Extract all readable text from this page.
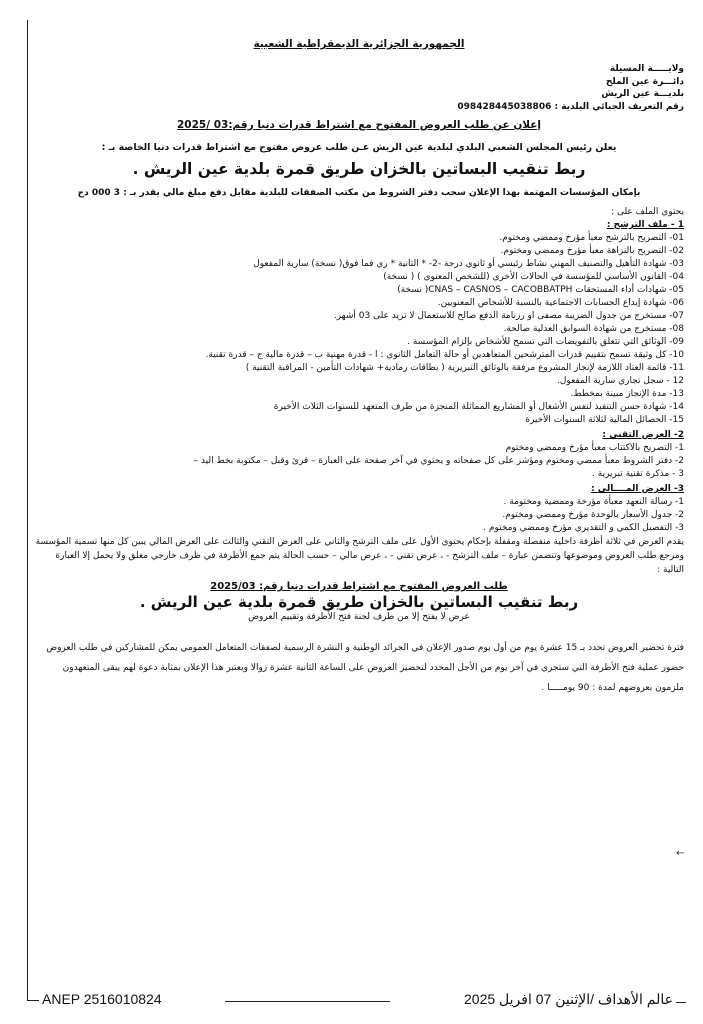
←
الجمهورية الجزائرية الديمقراطية الشعبية
ولايـــــة المسيلة
دائـــرة عين الملح
بلديـــة عين الريش
رقم التعريف الجبائي البلدية : 098428445038806
إعلان عن طلب العروض المفتوح مع اشتراط قدرات دنيا رقم:03 /2025
يعلن رئيس المجلس الشعبي البلدي لبلدية عين الريش عـن طلب عروض مفتوح مع اشتراط قدرات دنيا الخاصة بـ :
ربط تنقيب البساتين بالخزان طريق قمرة بلدية عين الريش .
بإمكان المؤسسات المهتمة بهذا الإعلان سحب دفتر الشروط من مكتب الصفقات للبلدية مقابل دفع مبلغ مالي يقدر بـ : 3 000 دج
يحتوي الملف على :
1 - ملف الترشح :
01- التصريح بالترشح معبأ مؤرخ وممضي ومختوم.
02- التصريح بالنزاهة معبأ مؤرخ وممضي ومختوم.
03- شهادة التأهيل والتصنيف المهني نشاط رئيسي أو ثانوي درجة -2- * الثانية * ري فما فوق( نسخة) سارية المفعول
04- القانون الأساسي للمؤسسة في الحالات الأخرى (للشخص المعنوي ) ( نسخة)
05- شهادات أداء المستحقات CNAS – CASNOS – CACOBBATPH( نسخة)
06- شهادة إيداع الحسابات الاجتماعية بالنسبة للأشخاص المعنويين.
07- مستخرج من جدول الضريبة مصفى او رزنامة الدفع صالح للاستعمال لا تزيد على 03 أشهر.
08- مستخرج من شهادة السوابق العدلية صالحة.
09- الوثائق التي تتعلق بالتفويضات التي تسمح للأشخاص بإلزام المؤسسة .
10- كل وثيقة تسمح بتقييم قدرات المترشحين المتعاهدين أو حالة التعامل الثانوي : ا - قدرة مهنية ب – قدرة مالية ج – قدرة تقنية.
11- قائمة العتاد اللازمة لإنجاز المشروع مرفقة بالوثائق التبريرية ( بطاقات رمادية+ شهادات التأمين - المراقبة التقنية )
12 - سجل تجاري سارية المفعول.
13- مدة الإنجاز مبينة بمخطط.
14- شهادة حسن التنفيذ لنفس الأشغال أو المشاريع المماثلة المنجزة من طرف المتعهد للسنوات الثلاث الأخيرة
15- الحصائل المالية لثلاثة السنوات الأخيرة
2- العرض التقني :
1- التصريح بالاكتتاب معبأ مؤرخ وممضي ومختوم
2- دفتر الشروط معبأ ممضي ومختوم ومؤشر على كل صفحاته و يحتوي في آخر صفحة على العبارة – قرئ وقبل – مكتوبة بخط اليد –
3 - مذكرة تقنية تبريرية .
3- العرض المــــالي :
1- رسالة التعهد معبأة مؤرخة وممضية ومختومة .
2- جدول الأسعار بالوحدة مؤرخ وممضي ومختوم.
3- التفصيل الكمي و التقديري مؤرخ وممضي ومختوم .
يقدم العرض في ثلاثة أظرفة داخلية منفصلة ومقفلة بإحكام يحتوي الأول على ملف الترشح والثاني على العرض التقني والثالث على العرض المالي يبين كل منها تسمية المؤسسة ومرجع طلب العروض وموضوعها وتتضمن عبارة – ملف الترشح - ، عرض تقني - ، عرض مالي – حسب الحالة يتم جمع الأظرفة في ظرف خارجي مغلق ولا يحمل إلا العبارة التالية :
طلب العروض المفتوح مع اشتراط قدرات دنيا رقم: 2025/03
ربط تنقيب البساتين بالخزان طريق قمرة بلدية عين الريش .
عرض لا يفتح إلا من طرف لجنة فتح الأظرفة وتقييم العروض
فترة تحضير العروض تحدد بـ 15 عشرة يوم من أول يوم صدور الإعلان في الجرائد الوطنية و النشرة الرسمية لصفقات المتعامل العمومي يمكن للمشاركين في طلب العروض حضور عملية فتح الأظرفة التي ستجري في آخر يوم من الأجل المحدد لتحضير العروض على الساعة الثانية عشرة زوالا ويعتبر هذا الإعلان بمثابة دعوة لهم يبقى المتعهدون ملزمون بعروضهم لمدة : 90 يومـــــا .
ANEP 2516010824	عالم الأهداف /الإثنين 07 افريل 2025
